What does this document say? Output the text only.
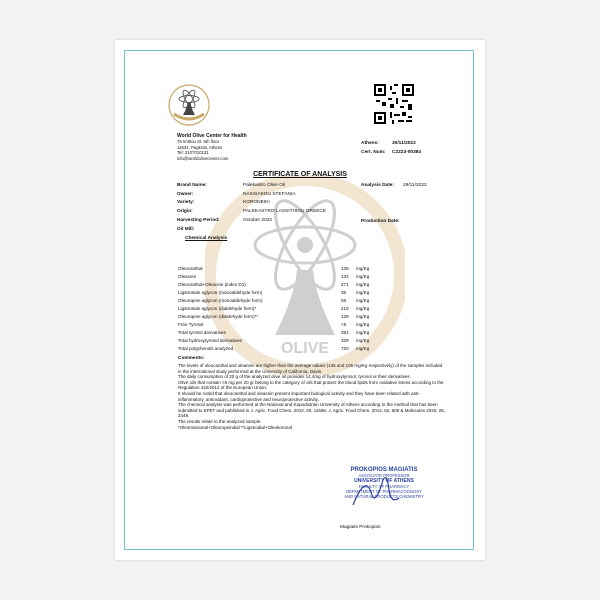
OLIVE
World Olive Center for Health
76 Imittou St. 5th floor
11634, Pagkrati, Athens
Tel: 2107010131
info@worldolivecenter.com
Athens:	30/11/2022
Cert. Num: C2223-00384
CERTIFICATE OF ANALYSIS
Brand Name:	Palekastro Olive Oil
Owner:	NASSIAKOU STEFANIA
Variety:	KORONEIKI
Origin:	PALEKASTRO LASSITHIOU GREECE
Harvesting Period:	October 2022
Oil Mill:
Analysis Date: 29/11/2022
Production Date:
Chemical Analysis
Oleocanthal	138 mg/Kg
Oleacein	132 mg/Kg
Oleocanthal+Oleacein (index D1)	271 mg/Kg
Ligstroside aglycon (monoaldehyde form)	35 mg/Kg
Oleuropein aglycon (monoaldehyde form)	58 mg/Kg
Ligstroside aglycon (dialdehyde form)*	218 mg/Kg
Oleuropein aglycon (dialdehyde form)**	139 mg/Kg
Free Tyrosol	<5 mg/Kg
Total tyrosol derivatives	391 mg/Kg
Total hydroxytyrosol derivatives	329 mg/Kg
Total polyphenols analyzed	720 mg/Kg
Comments:
The levels of oleocanthal and oleacein are higher than the average values (135 and 105 mg/Kg respectively) of the samples included in the international study performed at the University of California, Davis.
The daily consumption of 20 g of the analyzed olive oil provides 14,4mg of hydroxytyrosol, tyrosol or their derivatives.
Olive oils that contain >5 mg per 20 gr belong to the category of oils that protect the blood lipids from oxidative stress according to the Regulation 432/2012 of the European Union.
It should be noted that oleocanthal and oleacein present important biological activity and they have been related with anti-inflammatory, antioxidant, cardioprotective and neuroprotective activity.
The chemical analysis was performed at the National and Kapodistrian University of Athens according to the method that has been submitted to EFET and published in J. Agric. Food Chem. 2012, 60, 11696, J. Agric. Food Chem. 2014, 62, 600 & Molecules 2020, 25, 2449.
The results relate to the analyzed sample.
*Oleomissional+Oleuropeindial **Ligstrodial+Oleokoronal
PROKOPIOS MAGIATIS
ASSOCIATE PROFESSOR
UNIVERSITY OF ATHENS
FACULTY OF PHARMACY
DEPARTMENT OF PHARMACOGNOSY
AND NATURAL PRODUCTS CHEMISTRY
Magiatis Prokopios
